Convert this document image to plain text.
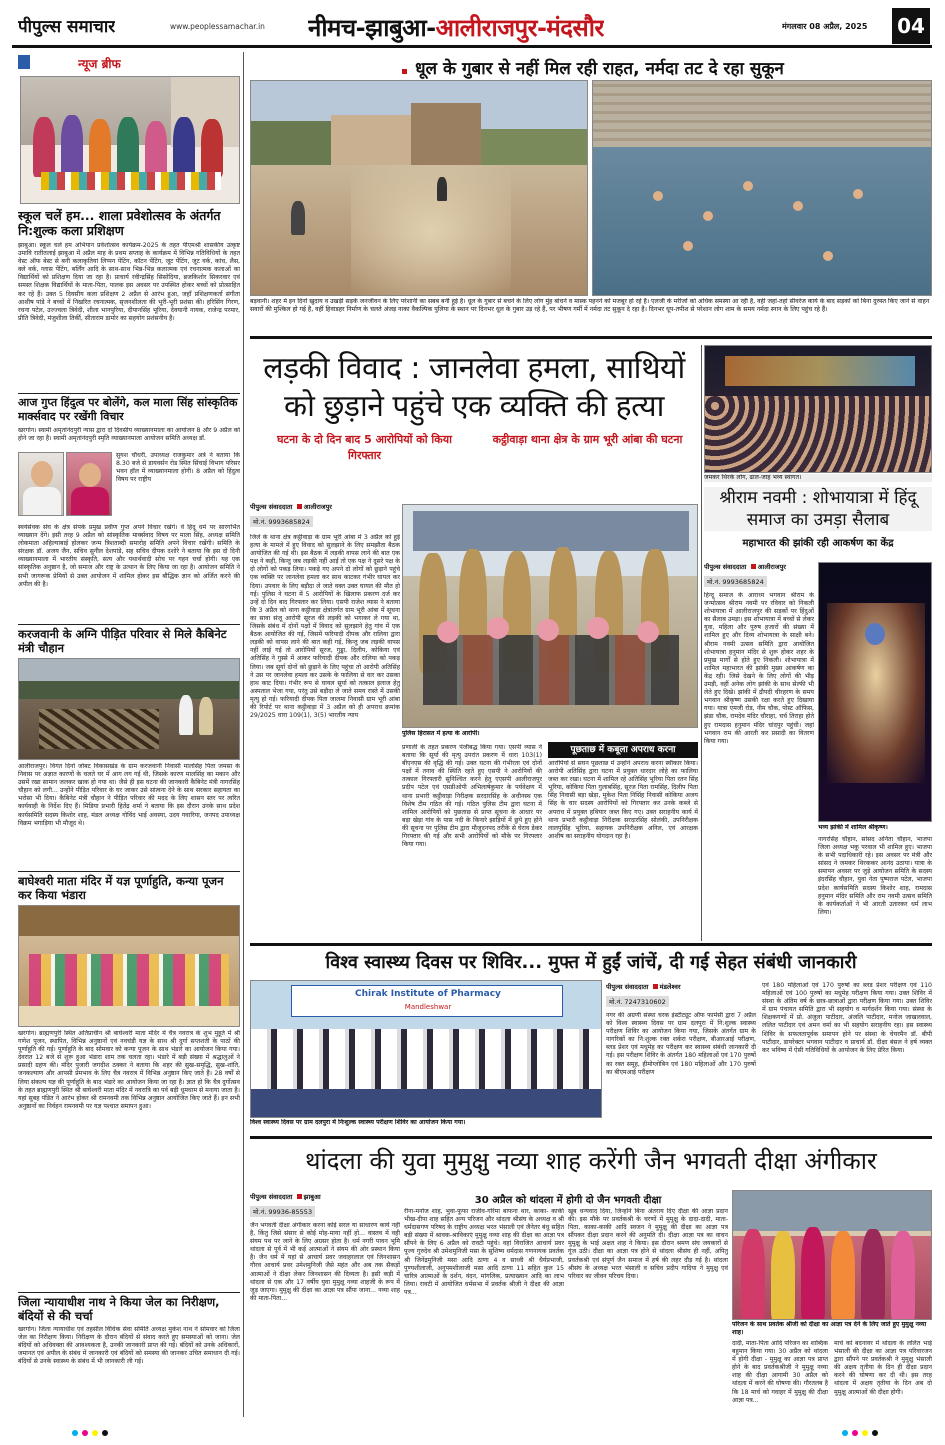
पीपुल्स समाचार	www.peoplessamachar.in नीमच-झाबुआ-आलीराजपुर-मंदसौर	मंगलवार 08 अप्रैल, 2025 04
न्यूज ब्रीफ
स्कूल चलें हम... शाला प्रवेशोत्सव के अंतर्गत नि:शुल्क कला प्रशिक्षण
झाबुआ। स्कूल चलें हम अभियान प्रवेशोत्सव कार्यक्रम-2025 के तहत पीएमश्री शासकीय उत्कृष्ट उमावि रातीतलाई झाबुआ में अप्रैल माह के प्रथम सप्ताह के कार्यक्रम में विभिन्न गतिविधियों के तहत वेस्ट ऑफ बेस्ट से बनी कलाकृतियां लिप्पन पेंटिंग, कॉटन पेंटिंग, जूट पेंटिंग, जूट वर्क, कांच, लैस, क्ले वर्क, ग्लास पेंटिंग, बर्लिंग आदि के साथ-साथ भिन्न-भिन्न कलात्मक एवं रचनात्मक कलाओं का विद्यार्थियों को प्रशिक्षण दिया जा रहा है। प्राचार्य रवीन्द्रसिंह सिसोदिया, ब्रजकिशोर सिकरवार एवं समस्त शिक्षक विद्यार्थियों के माता-पिता, पालक इस अवसर पर उपस्थित होकर बच्चों को प्रोत्साहित कर रहे हैं। उक्त 5 दिवसीय कला प्रशिक्षण 2 अप्रैल से आरंभ हुआ, जहाँ प्रशिक्षणकर्ता संगीता आशीष पांडे ने बच्चों में निखरित रचनात्मक, सृजनशीलता की भूरी-भूरी प्रशंसा की। हरिसिंग गिरण, रचना पटेल, उज्ज्वला त्रिवेदी, शीला भानपुरिया, दीपानसिंह भूरिया, देवयानी नायक, राजेन्द्र परमार, प्रीति त्रिवेदी, मंजुशीला तिर्की, सीताराम डामोर का सहयोग प्रशंसनीय है।
आज गुप्त हिंदुत्व पर बोलेंगे, कल माला सिंह सांस्कृतिक मार्क्सवाद पर रखेंगी विचार
खरगोन। स्वामी अमृतांनंदपुरी न्यास द्वारा दो दिवसीय व्याख्यानमाला का आयोजन 8 और 9 अप्रैल को होने जा रहा है। स्वामी अमृतांनंदपुरी स्मृति व्याख्यानमाला आयोजन समिति अध्यक्ष डॉ.
सुयश चौधरी, उपाध्यक्ष राजकुमार अत्रे ने बताया कि 8.30 बजे से डायवर्सन रोड स्थित सिंचाई विभाग परिसर भवन हॉल में व्याख्यानमाला होगी। 8 अप्रैल को हिंदुत्व विषय पर राष्ट्रीय
स्वयंसेवक संघ के क्षेत्र संपर्क प्रमुख प्रवीण गुप्त अपने विचार रखेंगे। वे हिंदू धर्म पर सारगर्भित व्याख्यान देंगे। इसी तरह 9 अप्रैल को सांस्कृतिक मार्क्सवाद विषय पर माला सिंह, अध्यक्ष समिति लोकमाता अहिल्याबाई होलकर जन्म त्रिशताब्दी समारोह समिति अपने विचार रखेंगी। समिति के संरक्षक डॉ. अजय जैन, सचिव सुनील देशपांडे, सह सचिव दीपक दशोरे ने बताया कि इस दो दिनी व्याख्यानमाला में भारतीय संस्कृति, सत्य और यथार्थवादी सोच पर गहन चर्चा होगी। यह एक सांस्कृतिक अनुष्ठान है, जो समाज और राष्ट्र के उत्थान के लिए किया जा रहा है। आयोजन समिति ने सभी जागरूक प्रेमियों से उक्त आयोजन में शामिल होकर इस बौद्धिक ज्ञान को अर्जित करने की अपील की है।
करजवानी के अग्नि पीड़ित परिवार से मिले कैबिनेट मंत्री चौहान
आलीराजपुर। विगत दिनों जोबट विकासखंड के ग्राम करजवानी निवासी मालसिंह पिता जमसा के निवास पर अज्ञात कारणों के चलते घर में आग लग गई थी, जिसके कारण मालसिंह का मकान और उसमें रखा सामान जलकर खाक हो गया था। जैसे ही इस घटना की जानकारी कैबिनेट मंत्री नागरसिंह चौहान को लगी... उन्होंने पीड़ित परिवार के घर जाकर उसे सांत्वना देने के साथ सरकार सहायता का भरोसा भी दिया। कैबिनेट मंत्री चौहान ने पीड़ित परिवार की मदद के लिए शासन स्तर पर त्वरित कार्यवाही के निर्देश दिए हैं। मिडिया प्रभारी हितेंद्र शर्मा ने बताया कि इस दौरान उनके साथ प्रदेश कार्यसमिति सदस्य किशोर शाह, मंडल अध्यक्ष गोविंद भाई अवस्या, उदय गवारिया, जनपद उपाध्यक्ष विक्रम भगाड़िया भी मौजूद थे।
बाघेश्वरी माता मंदिर में यज्ञ पूर्णाहुति, कन्या पूजन कर किया भंडारा
खरगोन। ब्राह्मणपुरी स्थित अतिप्राचीन श्री बाघेश्वरी माता मंदिर में चैत्र नवरात्र के शुभ मुहूर्त में श्री गणेश पूजन, स्थापित, विभिन्न अनुष्ठानों एवं नवचंडी यज्ञ के साथ श्री दुर्गा सप्तशती के पाठों की पूर्णाहुति की गई। पूर्णाहुति के बाद सोमवार को कन्या पूजन के साथ भंडारे का आयोजन किया गया। देवरात 12 बजे से शुरू हुआ भंडारा शाम तक चलता रहा। भंडारे में बड़ी संख्या में श्रद्धालुओं ने प्रसादी ग्रहण की। मंदिर पुजारी जगदीश ठक्कर ने बताया कि शहर की सुख-समृद्धि, सुख-शांति, जनकल्याण और आपसी प्रेमभाव के लिए चैत्र नवरात्र में विभिन्न अनुष्ठान किए जाते हैं। 28 वर्षों से लिया संकल्प यज्ञ की पूर्णाहुति के बाद भंडारे का आयोजन किया जा रहा है। ज्ञात हो कि चैत्र दुर्गोत्सव के तहत ब्राह्मणपुरी स्थित श्री बाघेश्वरी माता मंदिर में नवरात्रि का पर्व बड़ी धूमधाम से मनाया जाता है। यहां सुबह पंडित ने आरंभ होकर श्री रामनवमी तक विभिन्न अनुष्ठान आयोजित किए जाते हैं। इन सभी अनुष्ठानों का निर्वहन रामनवमी पर यज्ञ पश्चात समापन हुआ।
जिला न्यायाधीश नाथ ने किया जेल का निरीक्षण, बंदियों से की चर्चा
खरगोन। जिला न्यायाधीश एवं तहसील विधिक सेवा समिति अध्यक्ष मुकेश नाथ ने सोमवार को जिला जेल का निरीक्षण किया। निरीक्षण के दौरान बंदियों से संवाद करते हुए समस्याओं को जाना। जेल बंदियों को अधिवक्ता की आवश्यकता है, उनकी जानकारी प्राप्त की गई। बंदियों को उनके अधिकारों, जमानत एवं अपील के संबंध में जानकारी एवं बंदियों को समस्या की जानकर उचित समाधान दी गई। बंदियों से उनके स्वास्थ्य के संबंध में भी जानकारी ली गई।
धूल के गुबार से नहीं मिल रही राहत, नर्मदा तट दे रहा सुकून
बड़वानी। शहर में इन दिनों खुदाय व उखड़ी सड़कें जनजीवन के लिए परेशानी का सबब बनी हुई है। धूल के गुबार से बचने के लिए लोग मुंह बांधने व मास्क पहनने को मजबूर हो रहे हैं। एलर्जी के मरीजों को अधिक समस्या आ रही है, वहीं जहां-तहां सीवरेज कार्य के बाद सड़कों को बिना दुरुस्त किए जाने से वाहन सवारों की मुश्किल हो गई है, वहीं हिवाडहर निर्माण के चलते अंजड़ नाका वैकल्पिक पुलिया के स्थान पर दिनभर धूल के गुबार उड़ रहे हैं, पर भीषण गर्मी में नर्मदा तट सुकून दे रहा है। दिनभर धूप-तपीश से परेशान लोग शाम के समय नर्मदा स्नान के लिए पहुंच रहे हैं।
लड़की विवाद : जानलेवा हमला, साथियों
को छुड़ाने पहुंचे एक व्यक्ति की हत्या
घटना के दो दिन बाद 5 आरोपियों को किया गिरफ्तार
कट्ठीवाड़ा थाना क्षेत्र के ग्राम भूरी आंबा की घटना
पीपुल्स संवाददाता आलीराजपुर
मो.नं. 9993685824
जिले के थाना क्षेत्र कट्ठीवाड़ा के ग्राम भूरी आंबा में 3 अप्रैल को हुई हत्या के मामले में हुए विवाद को सुलझाने के लिए समझौता बैठक आयोजित की गई थी। इस बैठक में लड़की वापस लाने की बात एक पक्ष ने कही, किन्तु जब लड़की नहीं आई तो एक पक्ष ने दूसरे पक्ष के दो लोगों को पकड़ लिया। पकड़े गए अपने दो लोगों को छुड़ाने पहुंचे एक व्यक्ति पर जानलेवा हमला कर साथ काटकर गंभीर घायल कर दिया। उपचार के लिए बड़ौदा ले जाते वक्त उक्त घायल की मौत हो गई। पुलिस ने घटना में 5 आरोपियों के खिलाफ प्रकरण दर्ज कर उन्हें दो दिन बाद गिरफ्तार कर लिया। एसपी राजेश व्यास ने बताया कि 3 अप्रैल को थाना कट्ठीवाड़ा क्षेत्रांतर्गत ग्राम भूरी आंबा में सूचना का सावा संजू आरोपी सूरज की लड़की को भगाकर ले गया था, जिसके संबंध में दोनों पक्षों में विवाद को सुलझाने हेतु गांव में एक बैठक आयोजित की गई, जिसमें फरियादी दीपक और रालिया द्वारा लड़की को वापस लाने की बात कही गई, किन्तु जब लड़की वापस नहीं लाई गई तो आरोपियों सूरज, गुड्डा, दिलीप, कोकिया एवं अतिसिंह ने गुस्से में आकर फरियादी दीपक और रालिया को पकड़ लिया। जब सूर्या दोनों को छुड़ाने के लिए पहुंचा तो आरोपी अतिसिंह ने उस पर जानलेवा हमला कर उसके के फालिया से वार कर उसका हाथ काट दिया। गंभीर रूप से घायल सूर्या को तत्काल इलाज हेतु अस्पताल भेजा गया, परंतु उसे बड़ौदा ले जाते समय रास्ते में उसकी मृत्यु हो गई। फरियादी दीपक पिता जालमा निवासी ग्राम भूरी आंबा की रिपोर्ट पर थाना कट्ठीवाड़ा में 3 अप्रैल को ही अपराध क्रमांक 29/2025 धारा 109(1), 3(5) भारतीय न्याय
पुलिस हिरासत में हत्या के आरोपी।
प्रणाली के तहत प्रकरण पंजीबद्ध किया गया। एसपी व्यास ने बताया कि सूर्या की मृत्यु उपरांत प्रकरण में धारा 103(1) बीएनएस की वृद्धि की गई। उक्त घटना की गंभीरता एवं दोनों पक्षों में तनाव की स्थिति रहते हुए एसपी ने आरोपियों की तत्काल गिरफ्तारी सुनिश्चित करने हेतु एएसपी आलीराजपुर प्रदीप पटेल एवं एसडीओपी अभिलाषेकुमार के पर्यवेक्षण में थाना प्रभारी कट्ठीवाड़ा निरीक्षक सरदारसिंह के अधीनस्थ एक विशेष टीम गठित की गई। गठित पुलिस टीम द्वारा घटना में शामिल आरोपियों को पुछताछ से प्राप्त सूचना के आधार पर बड़ा खेड़ा गांव के पास नदी के किनारे झाड़ियों में छुपे हुए होने की सूचना पर पुलिस टीम द्वारा मौजूदनपद तरीके से घेराव डेकर गिरफ्तार की गई और सभी आरोपियों को मौके पर गिरफ्तार किया गया।
पूछताछ में कबूला अपराध करना
आरोपियों से सघन पूछताछ में उन्होंने अपराध करना स्वीकार किया। आरोपी अतिसिंह द्वारा घटना में प्रयुक्त धारदार लोहे का फालिया जब्त कर रखा। घटना में शामिल रहे अतिसिंह भूरिया पिता रतन सिंह भूरिया, कोकिया पिता गुलाबसिंह, सूरज पिता रामसिंह, दिलीप पिता सिंह निवासी बड़ा खेड़ा, मुकेश पिता निसिंह निवासी कोकिया अजय सिंह के चार सदस्य आरोपियों को गिरफ्तार कर उनके कब्जे से अपराध में प्रयुक्त हथियार जब्त किए गए। उक्त सराहनीय कार्य में थाना प्रभारी कट्ठीवाड़ा निरीक्षक सरदारसिंह सोलंकी, उपनिरीक्षक लालपुसिंह भूरिया, सहायक उपनिरीक्षक अनिल, एवं आरक्षक आशीष का सराहनीय योगदान रहा है।
जमकर थिरके लोग, ढाल-जाह भव्य स्वागत।
श्रीराम नवमी : शोभायात्रा में हिंदू समाज का उमड़ा सैलाब
महाभारत की झांकी रही आकर्षण का केंद्र
पीपुल्स संवाददाता आलीराजपुर
मो.नं. 9993685824
हिन्दू समाज के आराध्य भगवान श्रीराम के जन्मोत्सव श्रीराम नवमी पर रविवार को निकली शोभायात्रा में आलीराजपुर की सड़कों पर हिंदुओं का सैलाब उमड़ा। इस शोभायात्रा में बच्चों से लेकर युवा, महिला और पुरुष हजारों की संख्या में शामिल हुए और दिव्य शोभायात्रा के साक्षी बने। श्रीराम नवमी उत्सव समिति द्वारा आयोजित शोभायात्रा हनुमान मंदिर से शुरू होकर शहर के प्रमुख मार्गों से होते हुए निकली। शोभायात्रा में शामिल महाभारत की झांकी मुख्य आकर्षण का केंद्र रही। जिसे देखने के लिए लोगों की भीड़ उमड़ी, वहीं अनेक लोग झांकी के साथ सेल्फी भी लेते हुए दिखे। झांकी में द्रौपदी चीरहरण के समय भगवान श्रीकृष्ण उसकी रक्षा करते हुए दिखाया गया। यात्रा एमजी रोड, नीम चौक, पोस्ट ऑफिस, झंडा चौक, रामदेव मंदिर चौराहा, चर्च तिराहा होते हुए रामदास हनुमान मंदिर चांदपुर पहुंची। जहां भगवान राम की आरती कर प्रसादी का वितरण किया गया।
भव्य झांकी में शामिल श्रीकृष्ण।
नागरसिंह चौहान, सांसद अनिता चौहान, भाजपा जिला अध्यक्ष भकू परवाल भी शामिल हुए। भाजपा के सभी पदाधिकारी रहे। इस अवसर पर मंत्री और सांसद ने जमकर थिरककर आनंद उठाया। यात्रा के समापन अवसर पर जुड़े आयोजन समिति के सदस्य इंदरसिंह चौहान, युवा नेता पुष्पराज पटेल, भाजपा प्रदेश कार्यसमिति सदस्य किशोर शाह, रामदास हनुमान मंदिर समिति और राम नवमी उत्सव समिति के कार्यकर्ताओं ने भी आरती उतारकर धर्म लाभ लिया।
विश्व स्वास्थ्य दिवस पर शिविर... मुफ्त में हुईं जांचें, दी गई सेहत संबंधी जानकारी
Chirak Institute of Pharmacy
Mandleshwar
विश्व स्वास्थ्य दिवस पर ग्राम दलपुरा में निःशुल्क स्वास्थ्य परीक्षण शिविर का आयोजन किया गया।
पीपुल्स संवाददाता मंडलेश्वर
मो.नं. 7247310602
नगर की अग्रणी संस्था चरक इंस्टीट्यूट ऑफ फार्मेसी द्वारा 7 अप्रैल को विश्व स्वास्थ्य दिवस पर ग्राम दलपुरा में नि:शुल्क स्वास्थ्य परीक्षण शिविर का आयोजन किया गया, जिसके अंतर्गत ग्राम के नागरिकों का नि:शुल्क रक्त शर्करा परीक्षण, बीआरआई परीक्षण, ब्लड प्रेशर एवं मधुमेह का परीक्षण कर स्वास्थ्य संबंधी जानकारी दी गई। इस परीक्षण शिविर के अंतर्गत 180 महिलाओं एवं 170 पुरुषों का रक्त समूह, हीमोग्लोबिन एवं 180 महिलाओं और 170 पुरुषों का बीएमआई परीक्षण
एवं 180 महिलाओं एवं 170 पुरुषों का ब्लड प्रेशर परीक्षण एवं 110 महिलाओं एवं 100 पुरुषों का मधुमेह परीक्षण किया गया। उक्त शिविर में संस्था के अंतिम वर्ष के छात्र-छात्राओं द्वारा परीक्षण किया गया। उक्त शिविर में ग्राम पंचायत समिति द्वारा भी सहयोग व मार्गदर्शन किया गया। संस्था के शिक्षकगणों में प्रो. अंजुला पाटीदार, अंजलि पाटीदार, मनोज जाखलवाल, ललित पाटीदार एवं अमन वर्मा का भी सहयोग सराहनीय रहा। इस स्वास्थ्य शिविर के सफलतापूर्वक समापन होने पर संस्था के चेयरमैन डॉ. बीपी पाटीदार, डायरेक्टर भगवान पाटीदार व प्राचार्य डॉ. दीक्षा बंसल ने हर्ष व्यक्त कर भविष्य में ऐसी गतिविधियों के आयोजन के लिए प्रेरित किया।
थांदला की युवा मुमुक्षु नव्या शाह करेंगी जैन भगवती दीक्षा अंगीकार
पीपुल्स संवाददाता झाबुआ
मो.नं. 99936-85553
30 अप्रैल को थांदला में होगी दो जैन भगवती दीक्षा
जैन भगवती दीक्षा अंगीकार करना कोई सरल या साधारण कार्य नहीं है, किंतु जिसे संसार से कोई मोह-माया नहीं हो... वास्तव में वही संयम पथ पर जाने के लिए अग्रसर होता है। धर्म नगरी पावन भूमि थांदला से पूर्व में भी कई आत्माओं ने संयम की ओर प्रस्थान किया है। जैन धर्म में यहां से आचार्य प्रवर जवाहरलाल एवं जिनशासन गौरव आचार्य प्रवर उमेशमुनिजी जैसे महंत और अब तक सैकड़ों आत्माओं ने दीक्षा लेकर जिनशासन की दिव्यता है। इसी कड़ी में थांदला से एक और 17 वर्षीय युवा मुमुक्षु नव्या शाहजी के रूप में जुड़ जाएगा। मुमुक्षु की दीक्षा का आज्ञा पत्र सौंपा जाना... नव्या शाह की माता-पिता...
रीना-मनोज शाह, भुवा-फूफा राजीव-गरिमा बाफना थार, काका- काकी भीख-दीपा शाह सहित अन्य परिजन और थांदला श्रीसंघ के अध्यक्ष व श्री धर्मदासगण परिषद के राष्ट्रीय अध्यक्ष भरत भंसाली एवं जैनेतर बंधु सहित बड़ी संख्या में श्रावक-श्राविकाएं मुमुक्षु नव्या शाह की दीक्षा का आज्ञा पत्र सौंपने के लिए 6 अप्रैल को रावटी पहुंचे। वहां विराजित आचार्य प्रवर पूज्य गुरुदेव श्री उमेशमुनिजी मसा के सुशिष्य धर्मदास गणनायक प्रवर्तक श्री जिनेंद्रमुनिजी मसा आदि ठाणा 4 व साध्वी श्री धैर्यप्रभाजी, पुण्यशीलाजी, अनुपमशीलाजी मसा आदि ठाणा 11 सहित कुल 15 चारित्र आत्माओं के दर्शन, वंदन, मांगलिक, प्रत्याख्यान आदि का लाभ लिया। रावटी में आयोजित धर्मसभा में प्रवर्तक श्रीजी ने दीक्षा की आज्ञा पत्र...
खूब धन्यवाद दिया, जिन्होंने बिना अंतराय दिए दीक्षा की आज्ञा प्रदान की। इस मौके पर प्रवर्तकश्री के चरणों में मुमुक्षु के दादा-दादी, माता-पिता, काका-काकी आदि स्वजन ने मुमुक्षु की दीक्षा का आज्ञा पत्र सौंपकर दीक्षा प्रदान करने की अनुमति दी। दीक्षा आज्ञा पत्र का वाचन मुमुक्षु के भाई अक्षत शाह ने किया। इस दौरान श्रमण संघ जयकारों से गूंज उठी। दीक्षा का आज्ञा पत्र होने से थांदला श्रीसंघ ही नहीं, अपितु प्रवर्तकश्री एवं संपूर्ण जैन समाज में हर्ष की लहर दौड़ गई है। थांदला श्रीसंघ के अध्यक्ष भरत भंसाली व सचिव प्रदीप गादिया ने मुमुक्षु एवं परिवार का जीवन परिचय दिया।
परिजन के साथ प्रवर्तक श्रीजी को दीक्षा का आज्ञा पत्र देने के लिए जाते हुए मुमुक्षु नव्या शाह।
दादी, माता-पिता आदि परिजन का शाब्दिक बहुमान किया गया। 30 अप्रैल को थांदला में होगी दीक्षा - मुमुक्षु का आज्ञा पत्र प्राप्त होने के बाद प्रवर्तकश्रीजी ने मुमुक्षु नव्या शाह की दीक्षा आगामी 30 अप्रैल को थांदला में करने की घोषणा की। गौरतलब है कि 18 मार्च को गवाहर में मुमुक्षु की दीक्षा आज्ञा पत्र...
मार्च को बदनावर में थांदला के ललित भाई भंसाली की दीक्षा का आज्ञा पत्र परिवारजन द्वारा सौंपने पर प्रवर्तकश्री ने मुमुक्षु भंसाली की अक्षय तृतीया के दिन ही दीक्षा प्रदान करने की घोषणा कर दी थी। इस तरह थांदला में अक्षय तृतीया के दिन अब दो मुमुक्षु आत्माओं की दीक्षा होगी।
